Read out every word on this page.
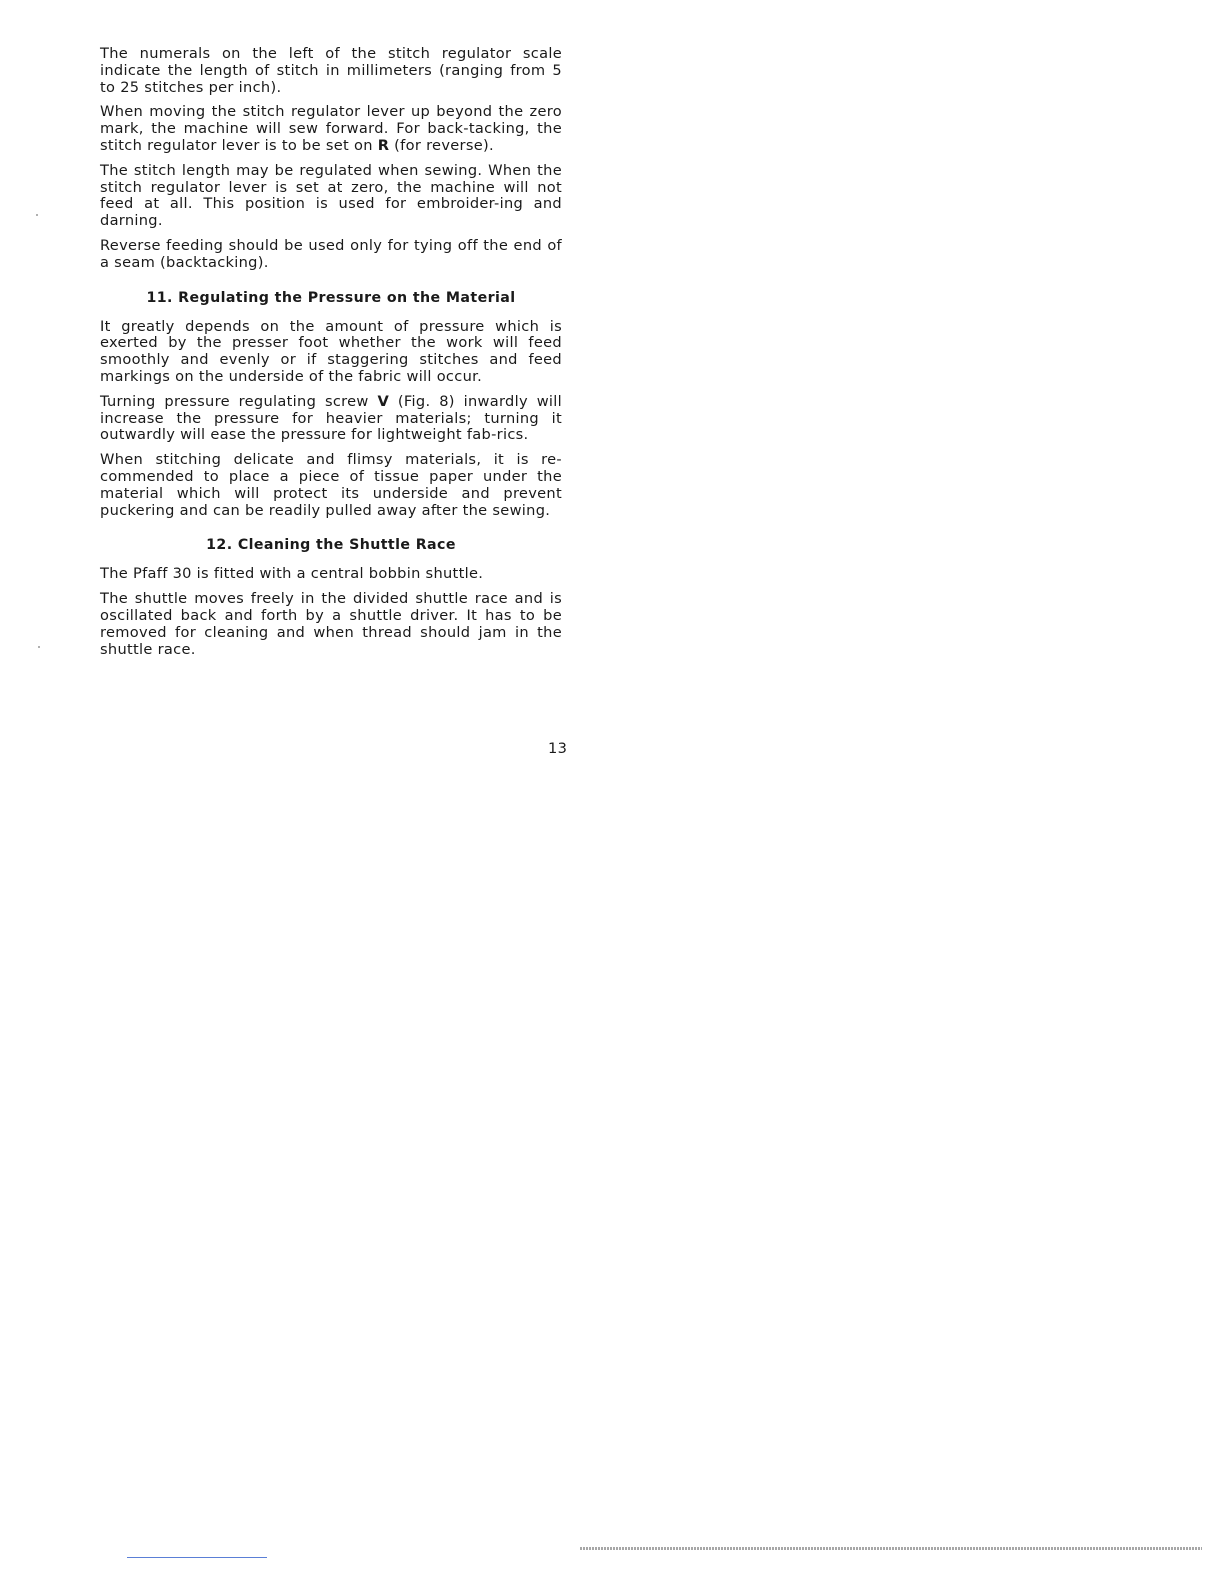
The numerals on the left of the stitch regulator scale indicate the length of stitch in millimeters (ranging from 5 to 25 stitches per inch).

When moving the stitch regulator lever up beyond the zero mark, the machine will sew forward. For back-tacking, the stitch regulator lever is to be set on R (for reverse).

The stitch length may be regulated when sewing. When the stitch regulator lever is set at zero, the machine will not feed at all. This position is used for embroider-ing and darning.

Reverse feeding should be used only for tying off the end of a seam (backtacking).

11. Regulating the Pressure on the Material

It greatly depends on the amount of pressure which is exerted by the presser foot whether the work will feed smoothly and evenly or if staggering stitches and feed markings on the underside of the fabric will occur.

Turning pressure regulating screw V (Fig. 8) inwardly will increase the pressure for heavier materials; turning it outwardly will ease the pressure for lightweight fab-rics.

When stitching delicate and flimsy materials, it is re-commended to place a piece of tissue paper under the material which will protect its underside and prevent puckering and can be readily pulled away after the sewing.

12. Cleaning the Shuttle Race

The Pfaff 30 is fitted with a central bobbin shuttle.

The shuttle moves freely in the divided shuttle race and is oscillated back and forth by a shuttle driver. It has to be removed for cleaning and when thread should jam in the shuttle race.

13
